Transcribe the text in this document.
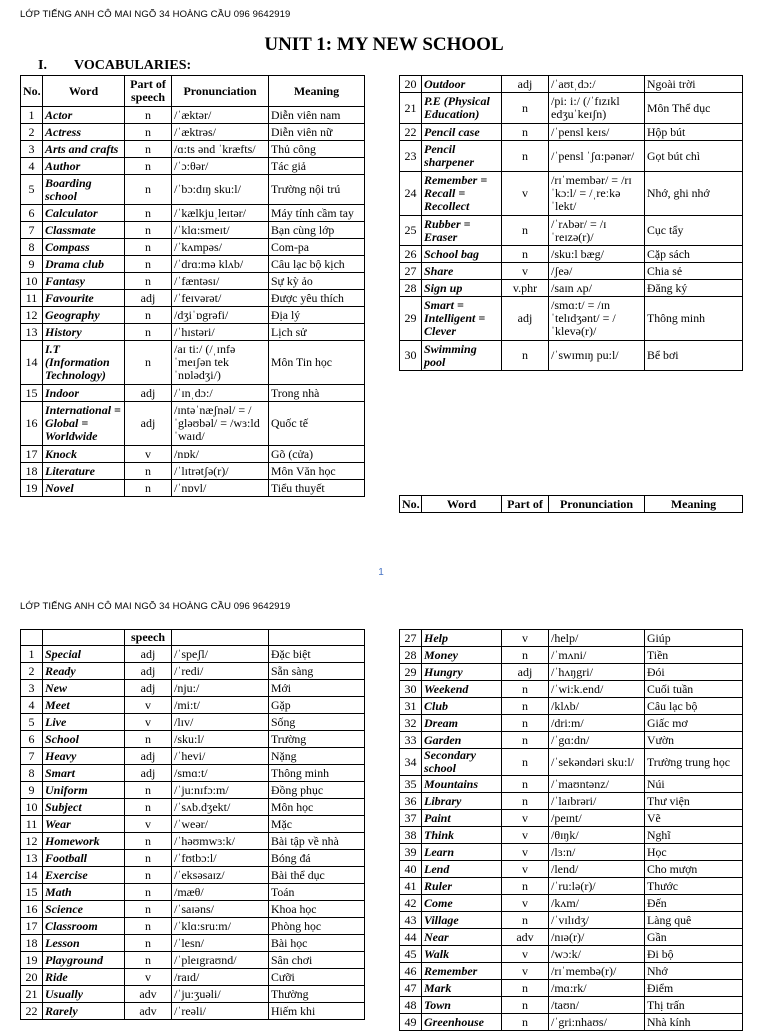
LỚP TIẾNG ANH CÔ MAI NGÕ 34 HOÀNG CẦU 096 9642919
UNIT 1: MY NEW SCHOOL
I. VOCABULARIES:
No.	Word	Part of speech	Pronunciation	Meaning
1	Actor	n	/ˈæktər/	Diễn viên nam
2	Actress	n	/ˈæktrəs/	Diễn viên nữ
3	Arts and crafts	n	/ɑ:ts ənd ˈkræfts/	Thủ công
4	Author	n	/ˈɔ:θər/	Tác giả
5	Boarding school	n	/ˈbɔ:dɪŋ sku:l/	Trường nội trú
6	Calculator	n	/ˈkælkjuˌleɪtər/	Máy tính cầm tay
7	Classmate	n	/ˈklɑ:smeɪt/	Bạn cùng lớp
8	Compass	n	/ˈkʌmpəs/	Com-pa
9	Drama club	n	/ˈdrɑ:mə klʌb/	Câu lạc bộ kịch
10	Fantasy	n	/ˈfæntəsɪ/	Sự kỳ ảo
11	Favourite	adj	/ˈfeɪvərət/	Được yêu thích
12	Geography	n	/dʒiˈɒgrəfi/	Địa lý
13	History	n	/ˈhɪstəri/	Lịch sử
14	I.T (Information Technology)	n	/aɪ ti:/ (/ˌɪnfə ˈmeɪʃən tek ˈnɒlədʒi/)	Môn Tin học
15	Indoor	adj	/ˈɪnˌdɔ:/	Trong nhà
16	International = Global = Worldwide	adj	/ɪntəˈnæʃnəl/ = /ˈgləʊbəl/ = /wɜ:ldˈwaɪd/	Quốc tế
17	Knock	v	/nɒk/	Gõ (cửa)
18	Literature	n	/ˈlɪtrətʃə(r)/	Môn Văn học
19	Novel	n	/ˈnɒvl/	Tiểu thuyết
20	Outdoor	adj	/ˈaʊtˌdɔ:/	Ngoài trời
21	P.E (Physical Education)	n	/pi: i:/ (/ˈfɪzɪkl edʒuˈkeɪʃn)	Môn Thể dục
22	Pencil case	n	/ˈpensl keɪs/	Hộp bút
23	Pencil sharpener	n	/ˈpensl ˈʃɑ:pənər/	Gọt bút chì
24	Remember = Recall = Recollect	v	/rɪˈmembər/ = /rɪˈkɔ:l/ = /ˌreːkəˈlekt/	Nhớ, ghi nhớ
25	Rubber = Eraser	n	/ˈrʌbər/ = /ɪˈreɪzə(r)/	Cục tẩy
26	School bag	n	/sku:l bæg/	Cặp sách
27	Share	v	/ʃeə/	Chia sẻ
28	Sign up	v.phr	/saɪn ʌp/	Đăng ký
29	Smart = Intelligent = Clever	adj	/smɑ:t/ = /ɪnˈtelɪdʒənt/ = /ˈklevə(r)/	Thông minh
30	Swimming pool	n	/ˈswɪmɪŋ pu:l/	Bể bơi
No.	Word	Part of	Pronunciation	Meaning
1
LỚP TIẾNG ANH CÔ MAI NGÕ 34 HOÀNG CẦU 096 9642919
		speech		
1	Special	adj	/ˈspeʃl/	Đặc biệt
2	Ready	adj	/ˈredi/	Sẵn sàng
3	New	adj	/nju:/	Mới
4	Meet	v	/mi:t/	Gặp
5	Live	v	/lɪv/	Sống
6	School	n	/sku:l/	Trường
7	Heavy	adj	/ˈhevi/	Nặng
8	Smart	adj	/smɑ:t/	Thông minh
9	Uniform	n	/ˈju:nɪfɔ:m/	Đồng phục
10	Subject	n	/ˈsʌb.dʒekt/	Môn học
11	Wear	v	/ˈweər/	Mặc
12	Homework	n	/ˈhəʊmwɜ:k/	Bài tập về nhà
13	Football	n	/ˈfʊtbɔ:l/	Bóng đá
14	Exercise	n	/ˈeksəsaɪz/	Bài thể dục
15	Math	n	/mæθ/	Toán
16	Science	n	/ˈsaɪəns/	Khoa học
17	Classroom	n	/ˈklɑ:sru:m/	Phòng học
18	Lesson	n	/ˈlesn/	Bài học
19	Playground	n	/ˈpleɪgraʊnd/	Sân chơi
20	Ride	v	/raɪd/	Cưỡi
21	Usually	adv	/ˈju:ʒuəli/	Thường
22	Rarely	adv	/ˈreəli/	Hiếm khi
27	Help	v	/help/	Giúp
28	Money	n	/ˈmʌni/	Tiền
29	Hungry	adj	/ˈhʌŋgri/	Đói
30	Weekend	n	/ˈwi:k.end/	Cuối tuần
31	Club	n	/klʌb/	Câu lạc bộ
32	Dream	n	/dri:m/	Giấc mơ
33	Garden	n	/ˈgɑ:dn/	Vườn
34	Secondary school	n	/ˈsekəndəri sku:l/	Trường trung học
35	Mountains	n	/ˈmaʊntənz/	Núi
36	Library	n	/ˈlaɪbrəri/	Thư viện
37	Paint	v	/peɪnt/	Vẽ
38	Think	v	/θɪŋk/	Nghĩ
39	Learn	v	/lɜ:n/	Học
40	Lend	v	/lend/	Cho mượn
41	Ruler	n	/ˈru:lə(r)/	Thước
42	Come	v	/kʌm/	Đến
43	Village	n	/ˈvɪlɪdʒ/	Làng quê
44	Near	adv	/nɪə(r)/	Gần
45	Walk	v	/wɔ:k/	Đi bộ
46	Remember	v	/rɪˈmembə(r)/	Nhớ
47	Mark	n	/mɑ:rk/	Điểm
48	Town	n	/taʊn/	Thị trấn
49	Greenhouse	n	/ˈgri:nhaʊs/	Nhà kính
